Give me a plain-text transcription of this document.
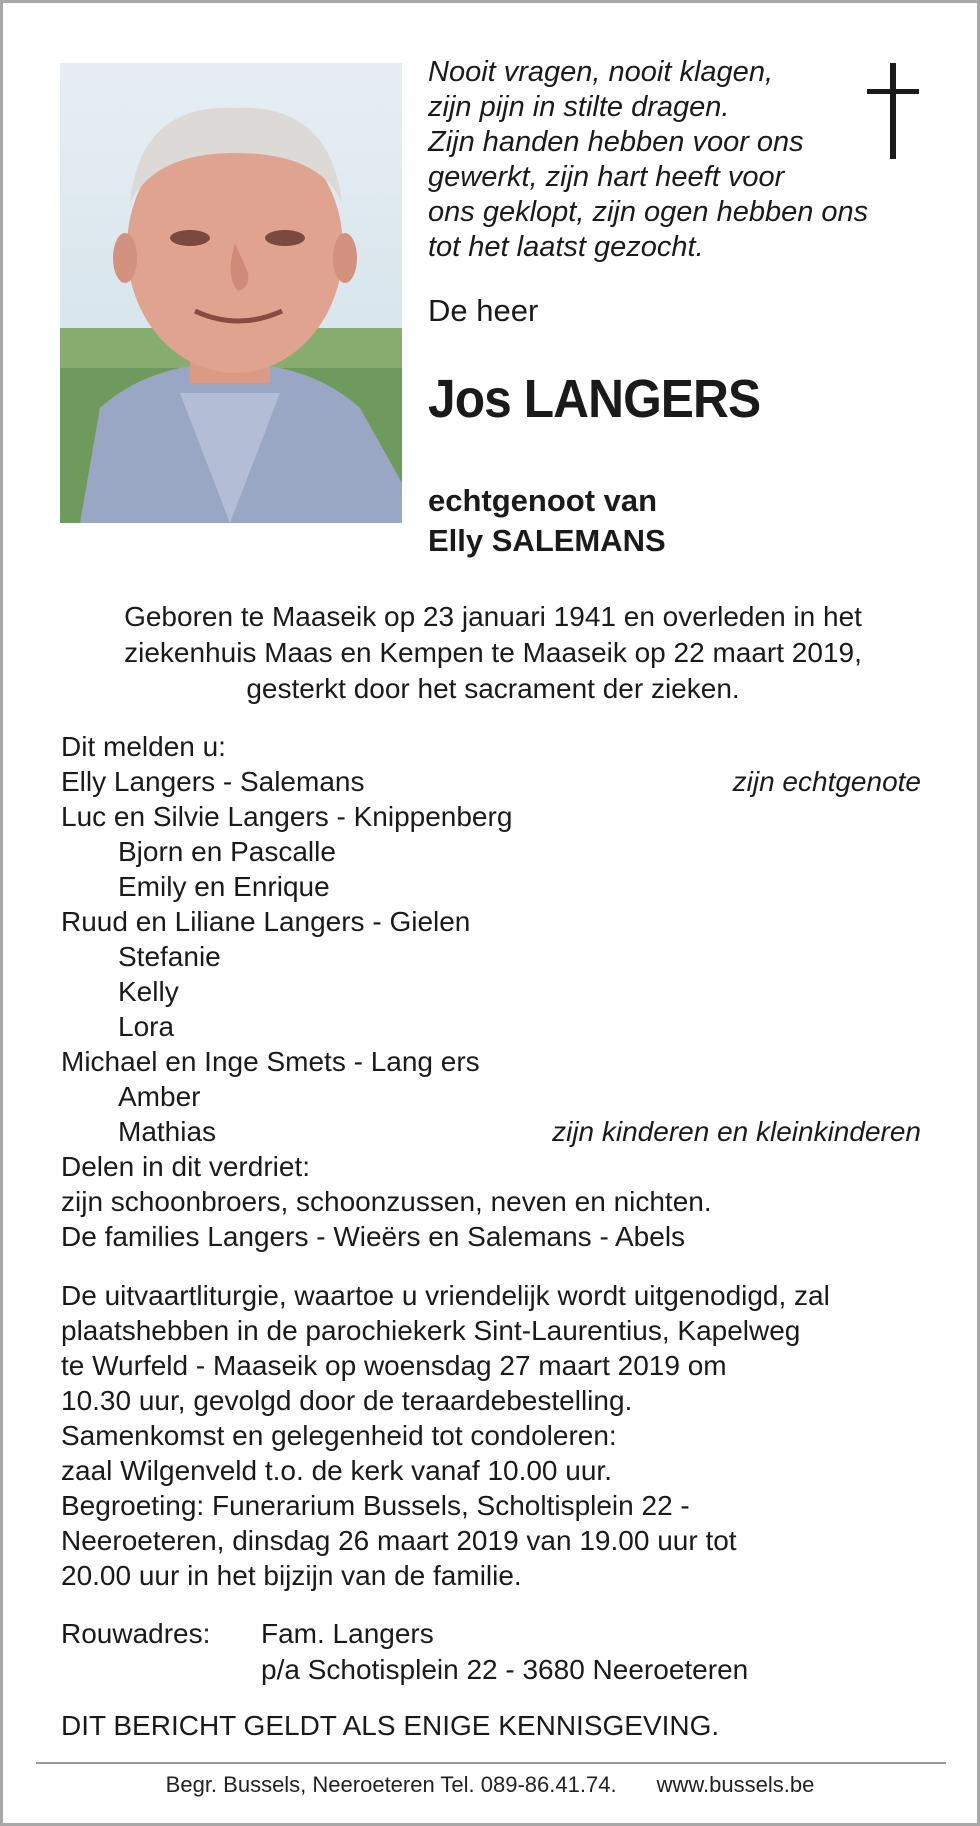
Nooit vragen, nooit klagen,
zijn pijn in stilte dragen.
Zijn handen hebben voor ons
gewerkt, zijn hart heeft voor
ons geklopt, zijn ogen hebben ons
tot het laatst gezocht.
De heer
Jos LANGERS
echtgenoot van
Elly SALEMANS
Geboren te Maaseik op 23 januari 1941 en overleden in het
ziekenhuis Maas en Kempen te Maaseik op 22 maart 2019,
gesterkt door het sacrament der zieken.
Dit melden u:
Elly Langers - Salemans	zijn echtgenote
Luc en Silvie Langers - Knippenberg
Bjorn en Pascalle
Emily en Enrique
Ruud en Liliane Langers - Gielen
Stefanie
Kelly
Lora
Michael en Inge Smets - Lang ers
Amber
Mathias	zijn kinderen en kleinkinderen
Delen in dit verdriet:
zijn schoonbroers, schoonzussen, neven en nichten.
De families Langers - Wieërs en Salemans - Abels
De uitvaartliturgie, waartoe u vriendelijk wordt uitgenodigd, zal
plaatshebben in de parochiekerk Sint-Laurentius, Kapelweg
te Wurfeld - Maaseik op woensdag 27 maart 2019 om
10.30 uur, gevolgd door de teraardebestelling.
Samenkomst en gelegenheid tot condoleren:
zaal Wilgenveld t.o. de kerk vanaf 10.00 uur.
Begroeting: Funerarium Bussels, Scholtisplein 22 -
Neeroeteren, dinsdag 26 maart 2019 van 19.00 uur tot
20.00 uur in het bijzijn van de familie.
Rouwadres: Fam. Langers
p/a Schotisplein 22 - 3680 Neeroeteren
DIT BERICHT GELDT ALS ENIGE KENNISGEVING.
Begr. Bussels, Neeroeteren Tel. 089-86.41.74. www.bussels.be
